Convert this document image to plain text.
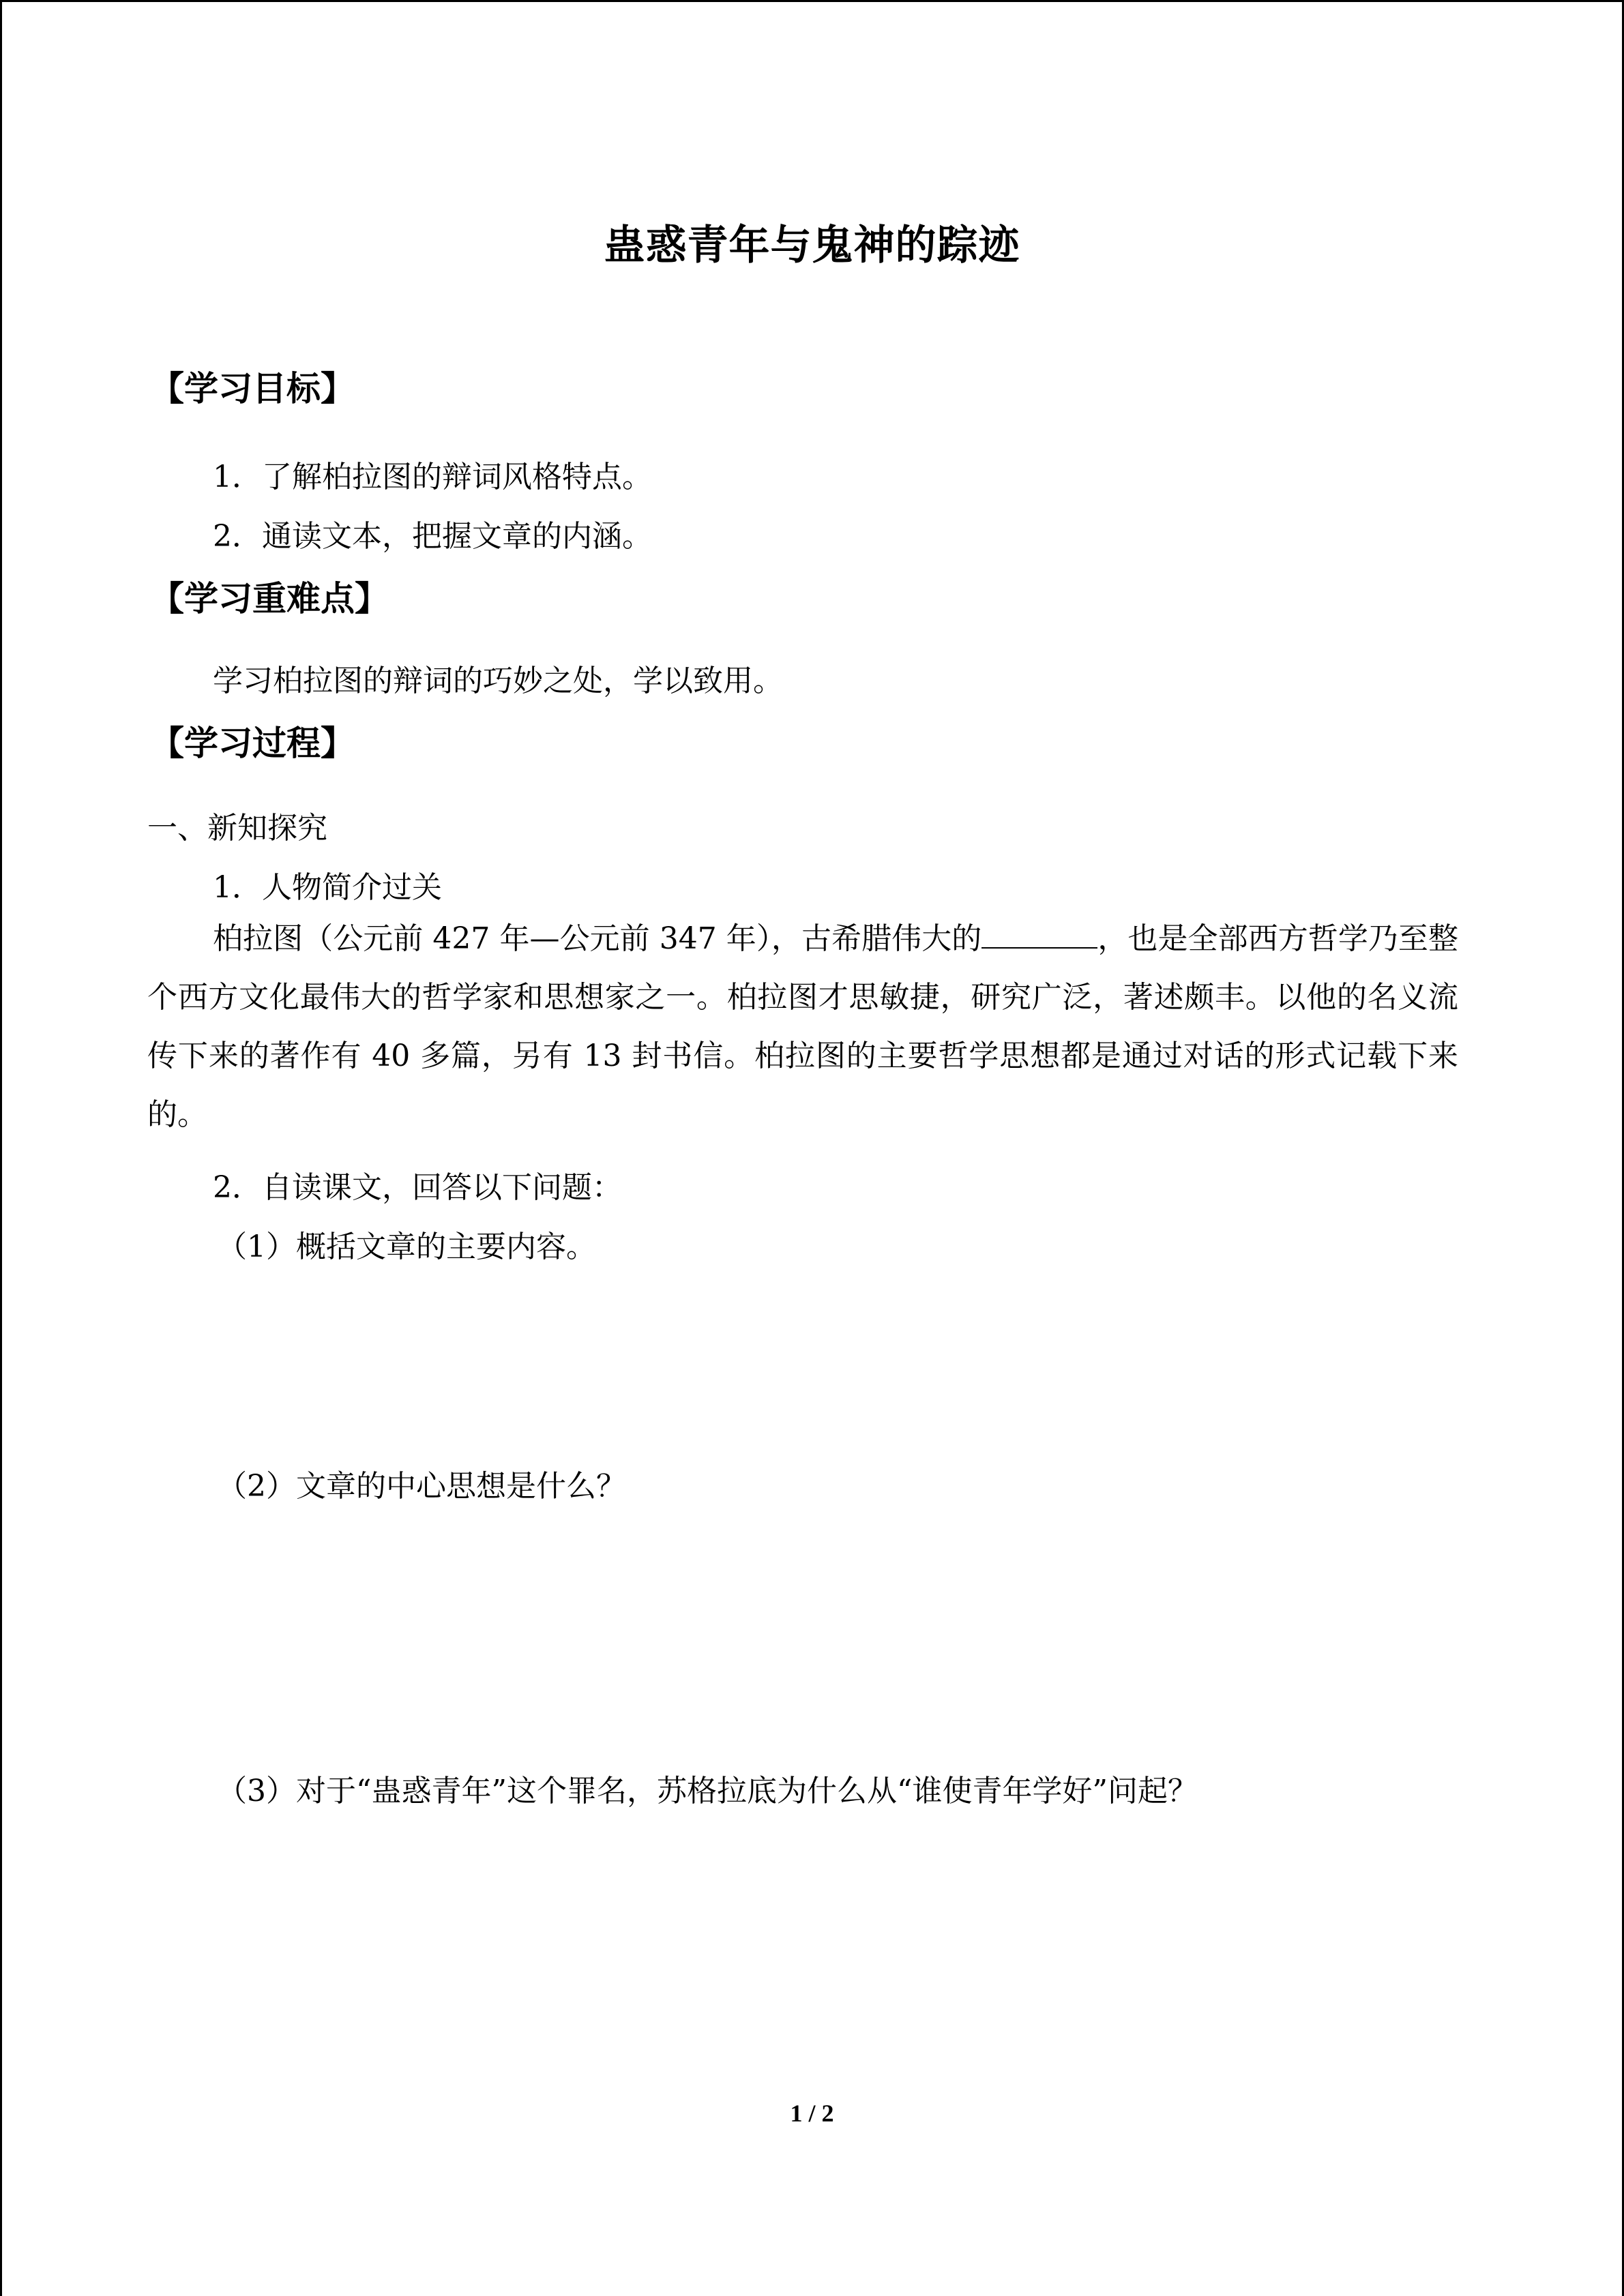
蛊惑青年与鬼神的踪迹
【学习目标】
1．了解柏拉图的辩词风格特点。
2．通读文本，把握文章的内涵。
【学习重难点】
学习柏拉图的辩词的巧妙之处，学以致用。
【学习过程】
一、新知探究
1．人物简介过关
柏拉图（公元前 427 年—公元前 347 年），古希腊伟大的	，也是全部西方哲学乃至整个西方文化最伟大的哲学家和思想家之一。柏拉图才思敏捷，研究广泛，著述颇丰。以他的名义流传下来的著作有 40 多篇，另有 13 封书信。柏拉图的主要哲学思想都是通过对话的形式记载下来的。
2．自读课文，回答以下问题：
（1）概括文章的主要内容。
（2）文章的中心思想是什么？
（3）对于“蛊惑青年”这个罪名，苏格拉底为什么从“谁使青年学好”问起？
1 / 2
